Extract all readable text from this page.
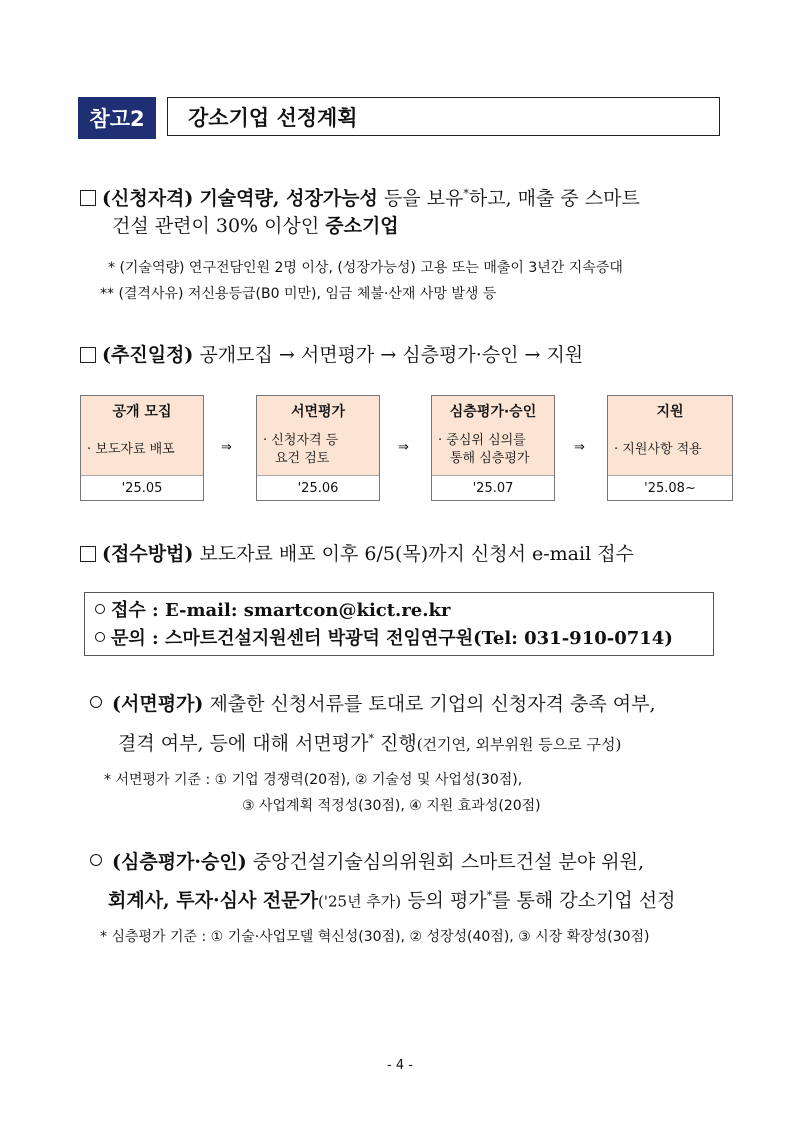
참고2	강소기업 선정계획
(신청자격) 기술역량, 성장가능성 등을 보유*하고, 매출 중 스마트
건설 관련이 30% 이상인 중소기업
* (기술역량) 연구전담인원 2명 이상, (성장가능성) 고용 또는 매출이 3년간 지속증대
** (결격사유) 저신용등급(B0 미만), 임금 체불·산재 사망 발생 등
(추진일정) 공개모집 → 서면평가 → 심층평가·승인 → 지원
공개 모집
· 보도자료 배포
'25.05
⇒
서면평가
· 신청자격 등
요건 검토
'25.06
⇒
심층평가·승인
· 중심위 심의를
통해 심층평가
'25.07
⇒
지원
· 지원사항 적용
'25.08~
(접수방법) 보도자료 배포 이후 6/5(목)까지 신청서 e-mail 접수
접수 : E-mail: smartcon@kict.re.kr
문의 : 스마트건설지원센터 박광덕 전임연구원(Tel: 031-910-0714)
(서면평가) 제출한 신청서류를 토대로 기업의 신청자격 충족 여부,
결격 여부, 등에 대해 서면평가* 진행(건기연, 외부위원 등으로 구성)
* 서면평가 기준 : ① 기업 경쟁력(20점), ② 기술성 및 사업성(30점),
③ 사업계획 적정성(30점), ④ 지원 효과성(20점)
(심층평가·승인) 중앙건설기술심의위원회 스마트건설 분야 위원,
회계사, 투자·심사 전문가('25년 추가) 등의 평가*를 통해 강소기업 선정
* 심층평가 기준 : ① 기술·사업모델 혁신성(30점), ② 성장성(40점), ③ 시장 확장성(30점)
- 4 -
